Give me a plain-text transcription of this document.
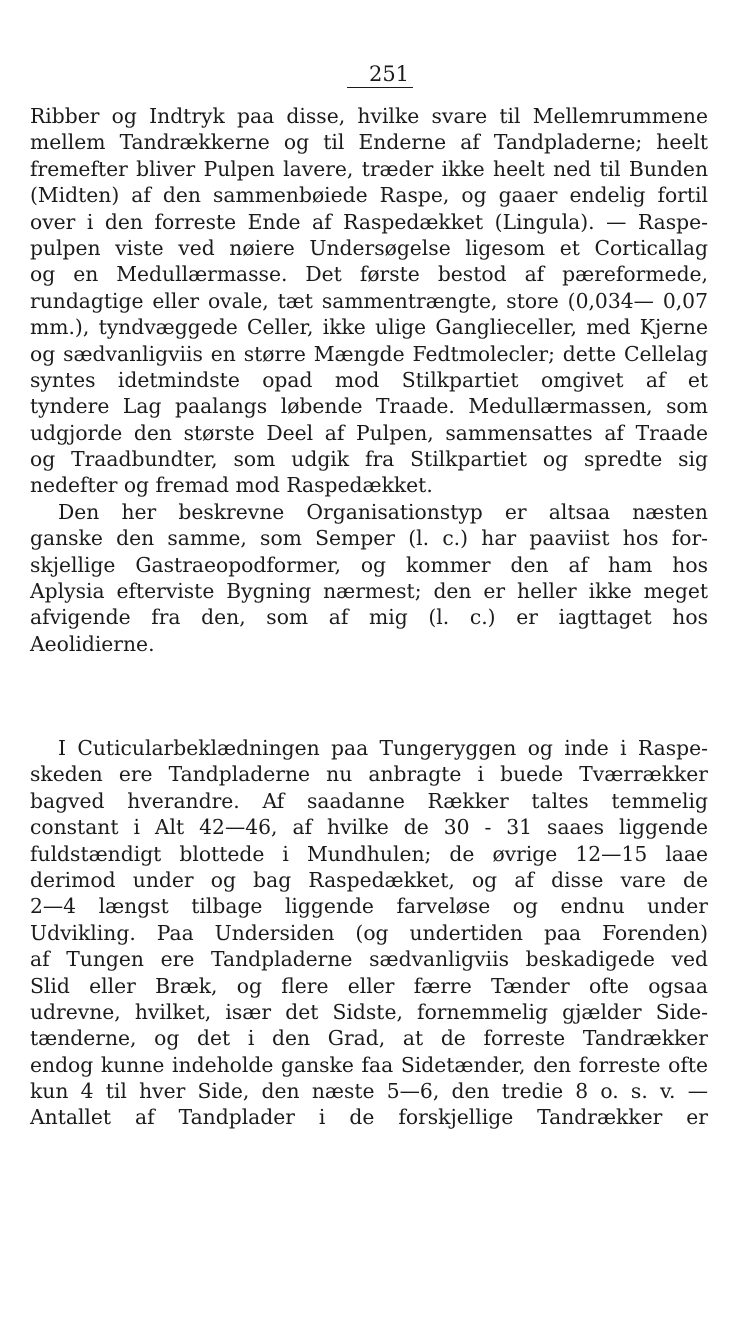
251
Ribber og Indtryk paa disse, hvilke svare til Mellemrummene
mellem Tandrækkerne og til Enderne af Tandpladerne; heelt
fremefter bliver Pulpen lavere, træder ikke heelt ned til Bunden
(Midten) af den sammenbøiede Raspe, og gaaer endelig fortil
over i den forreste Ende af Raspedækket (Lingula). — Raspe-
pulpen viste ved nøiere Undersøgelse ligesom et Corticallag
og en Medullærmasse. Det første bestod af pæreformede,
rundagtige eller ovale, tæt sammentrængte, store (0,034— 0,07
mm.), tyndvæggede Celler, ikke ulige Ganglieceller, med Kjerne
og sædvanligviis en større Mængde Fedtmolecler; dette Cellelag
syntes idetmindste opad mod Stilkpartiet omgivet af et
tyndere Lag paalangs løbende Traade. Medullærmassen, som
udgjorde den største Deel af Pulpen, sammensattes af Traade
og Traadbundter, som udgik fra Stilkpartiet og spredte sig
nedefter og fremad mod Raspedækket.
Den her beskrevne Organisationstyp er altsaa næsten
ganske den samme, som Semper (l. c.) har paaviist hos for-
skjellige Gastraeopodformer, og kommer den af ham hos
Aplysia efterviste Bygning nærmest; den er heller ikke meget
afvigende fra den, som af mig (l. c.) er iagttaget hos
Aeolidierne.
I Cuticularbeklædningen paa Tungeryggen og inde i Raspe-
skeden ere Tandpladerne nu anbragte i buede Tværrækker
bagved hverandre. Af saadanne Rækker taltes temmelig
constant i Alt 42—46, af hvilke de 30 - 31 saaes liggende
fuldstændigt blottede i Mundhulen; de øvrige 12—15 laae
derimod under og bag Raspedækket, og af disse vare de
2—4 længst tilbage liggende farveløse og endnu under
Udvikling. Paa Undersiden (og undertiden paa Forenden)
af Tungen ere Tandpladerne sædvanligviis beskadigede ved
Slid eller Bræk, og flere eller færre Tænder ofte ogsaa
udrevne, hvilket, især det Sidste, fornemmelig gjælder Side-
tænderne, og det i den Grad, at de forreste Tandrækker
endog kunne indeholde ganske faa Sidetænder, den forreste ofte
kun 4 til hver Side, den næste 5—6, den tredie 8 o. s. v. —
Antallet af Tandplader i de forskjellige Tandrækker er
